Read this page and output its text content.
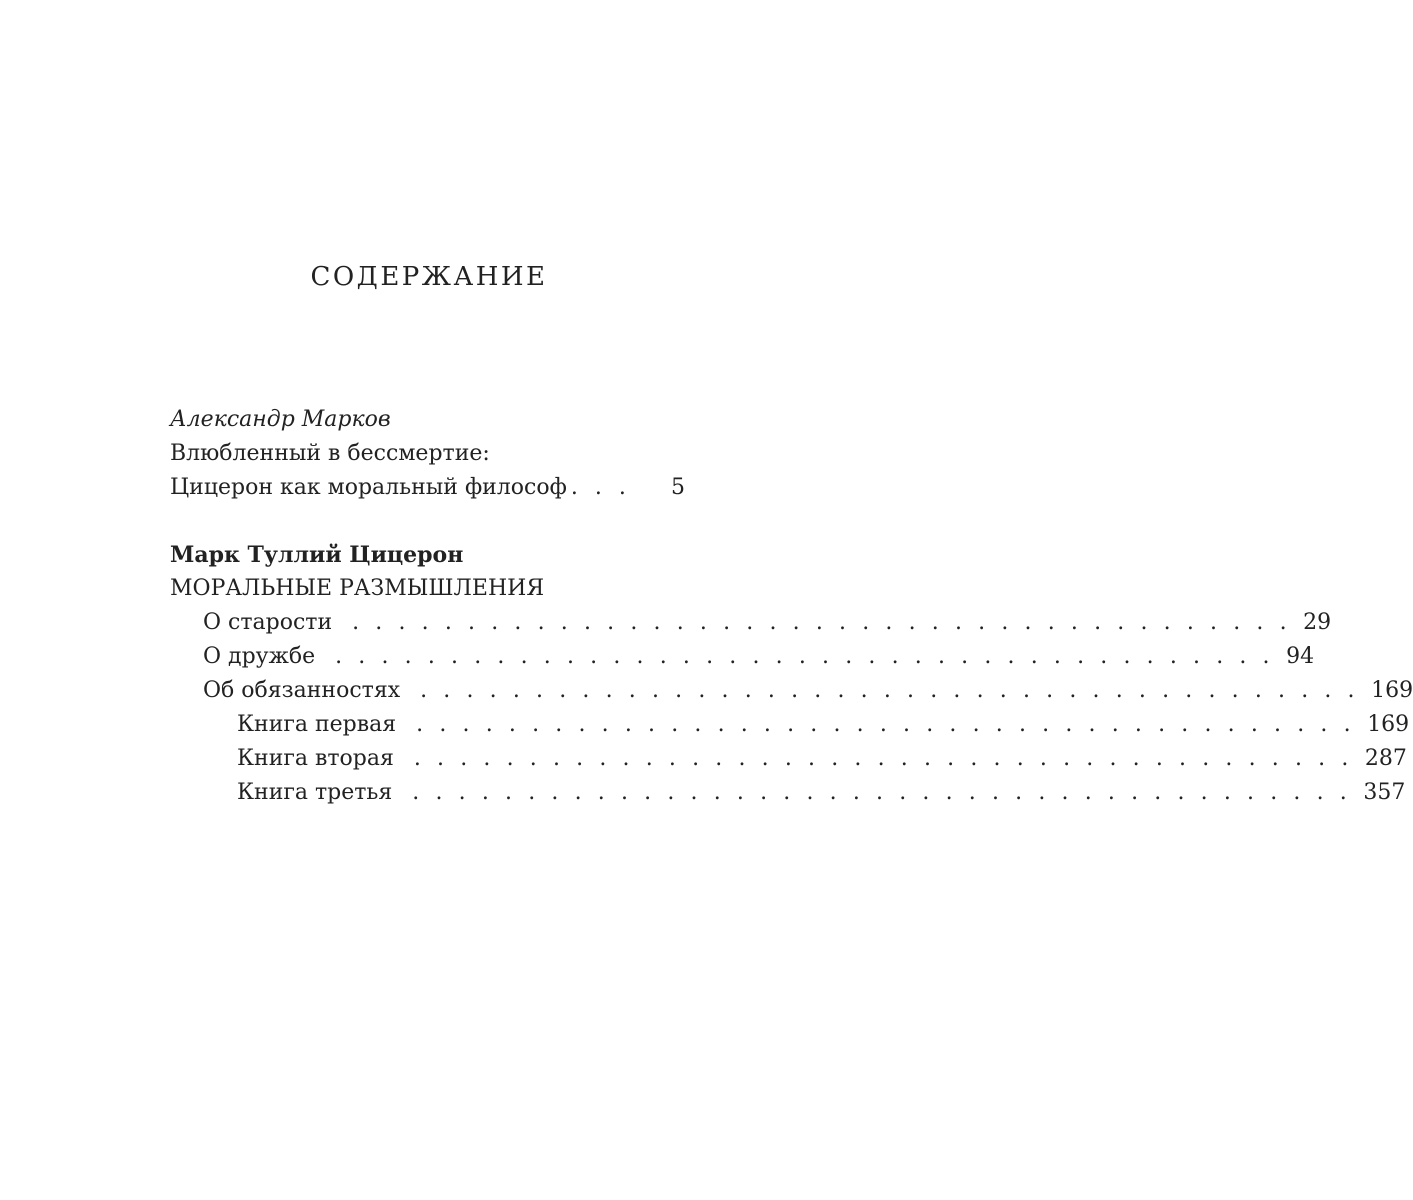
СОДЕРЖАНИЕ
Александр Марков
Влюбленный в бессмертие:
Цицерон как моральный философ . . .	5
Марк Туллий Цицерон
МОРАЛЬНЫЕ РАЗМЫШЛЕНИЯ
О старости . . . . . . . . . . . . . . . . . . . . . . . . . . . . . . . . . . . . . . . . . 29
О дружбе . . . . . . . . . . . . . . . . . . . . . . . . . . . . . . . . . . . . . . . . . 94
Об обязанностях . . . . . . . . . . . . . . . . . . . . . . . . . . . . . . . . . . . . . . . . . 169
Книга первая . . . . . . . . . . . . . . . . . . . . . . . . . . . . . . . . . . . . . . . . . 169
Книга вторая . . . . . . . . . . . . . . . . . . . . . . . . . . . . . . . . . . . . . . . . . 287
Книга третья . . . . . . . . . . . . . . . . . . . . . . . . . . . . . . . . . . . . . . . . . 357
